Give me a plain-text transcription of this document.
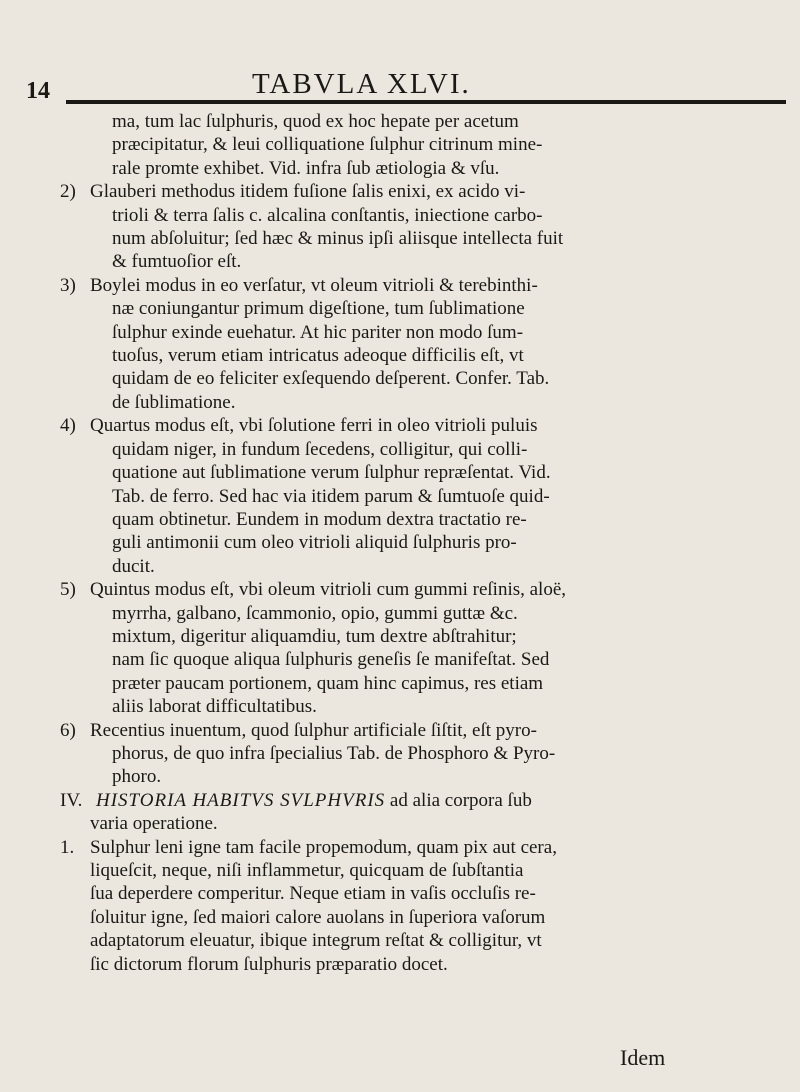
14	TABVLA XLVI.

ma, tum lac ſulphuris, quod ex hoc hepate per acetum

præcipitatur, & leui colliquatione ſulphur citrinum mine-

rale promte exhibet. Vid. infra ſub ætiologia & vſu.

2) Glauberi methodus itidem fuſione ſalis enixi, ex acido vi-

trioli & terra ſalis c. alcalina conſtantis, iniectione carbo-

num abſoluitur; ſed hæc & minus ipſi aliisque intellecta fuit

& fumtuoſior eſt.

3) Boylei modus in eo verſatur, vt oleum vitrioli & terebinthi-

næ coniungantur primum digeſtione, tum ſublimatione

ſulphur exinde euehatur. At hic pariter non modo ſum-

tuoſus, verum etiam intricatus adeoque difficilis eſt, vt

quidam de eo feliciter exſequendo deſperent. Confer. Tab.

de ſublimatione.

4) Quartus modus eſt, vbi ſolutione ferri in oleo vitrioli puluis

quidam niger, in fundum ſecedens, colligitur, qui colli-

quatione aut ſublimatione verum ſulphur repræſentat. Vid.

Tab. de ferro. Sed hac via itidem parum & ſumtuoſe quid-

quam obtinetur. Eundem in modum dextra tractatio re-

guli antimonii cum oleo vitrioli aliquid ſulphuris pro-

ducit.

5) Quintus modus eſt, vbi oleum vitrioli cum gummi reſinis, aloë,

myrrha, galbano, ſcammonio, opio, gummi guttæ &c.

mixtum, digeritur aliquamdiu, tum dextre abſtrahitur;

nam ſic quoque aliqua ſulphuris geneſis ſe manifeſtat. Sed

præter paucam portionem, quam hinc capimus, res etiam

aliis laborat difficultatibus.

6) Recentius inuentum, quod ſulphur artificiale ſiſtit, eſt pyro-

phorus, de quo infra ſpecialius Tab. de Phosphoro & Pyro-

phoro.

IV. HISTORIA HABITVS SVLPHVRIS ad alia corpora ſub

varia operatione.

1. Sulphur leni igne tam facile propemodum, quam pix aut cera,

liqueſcit, neque, niſi inflammetur, quicquam de ſubſtantia

ſua deperdere comperitur. Neque etiam in vaſis occluſis re-

ſoluitur igne, ſed maiori calore auolans in ſuperiora vaſorum

adaptatorum eleuatur, ibique integrum reſtat & colligitur, vt

ſic dictorum florum ſulphuris præparatio docet.

Idem
